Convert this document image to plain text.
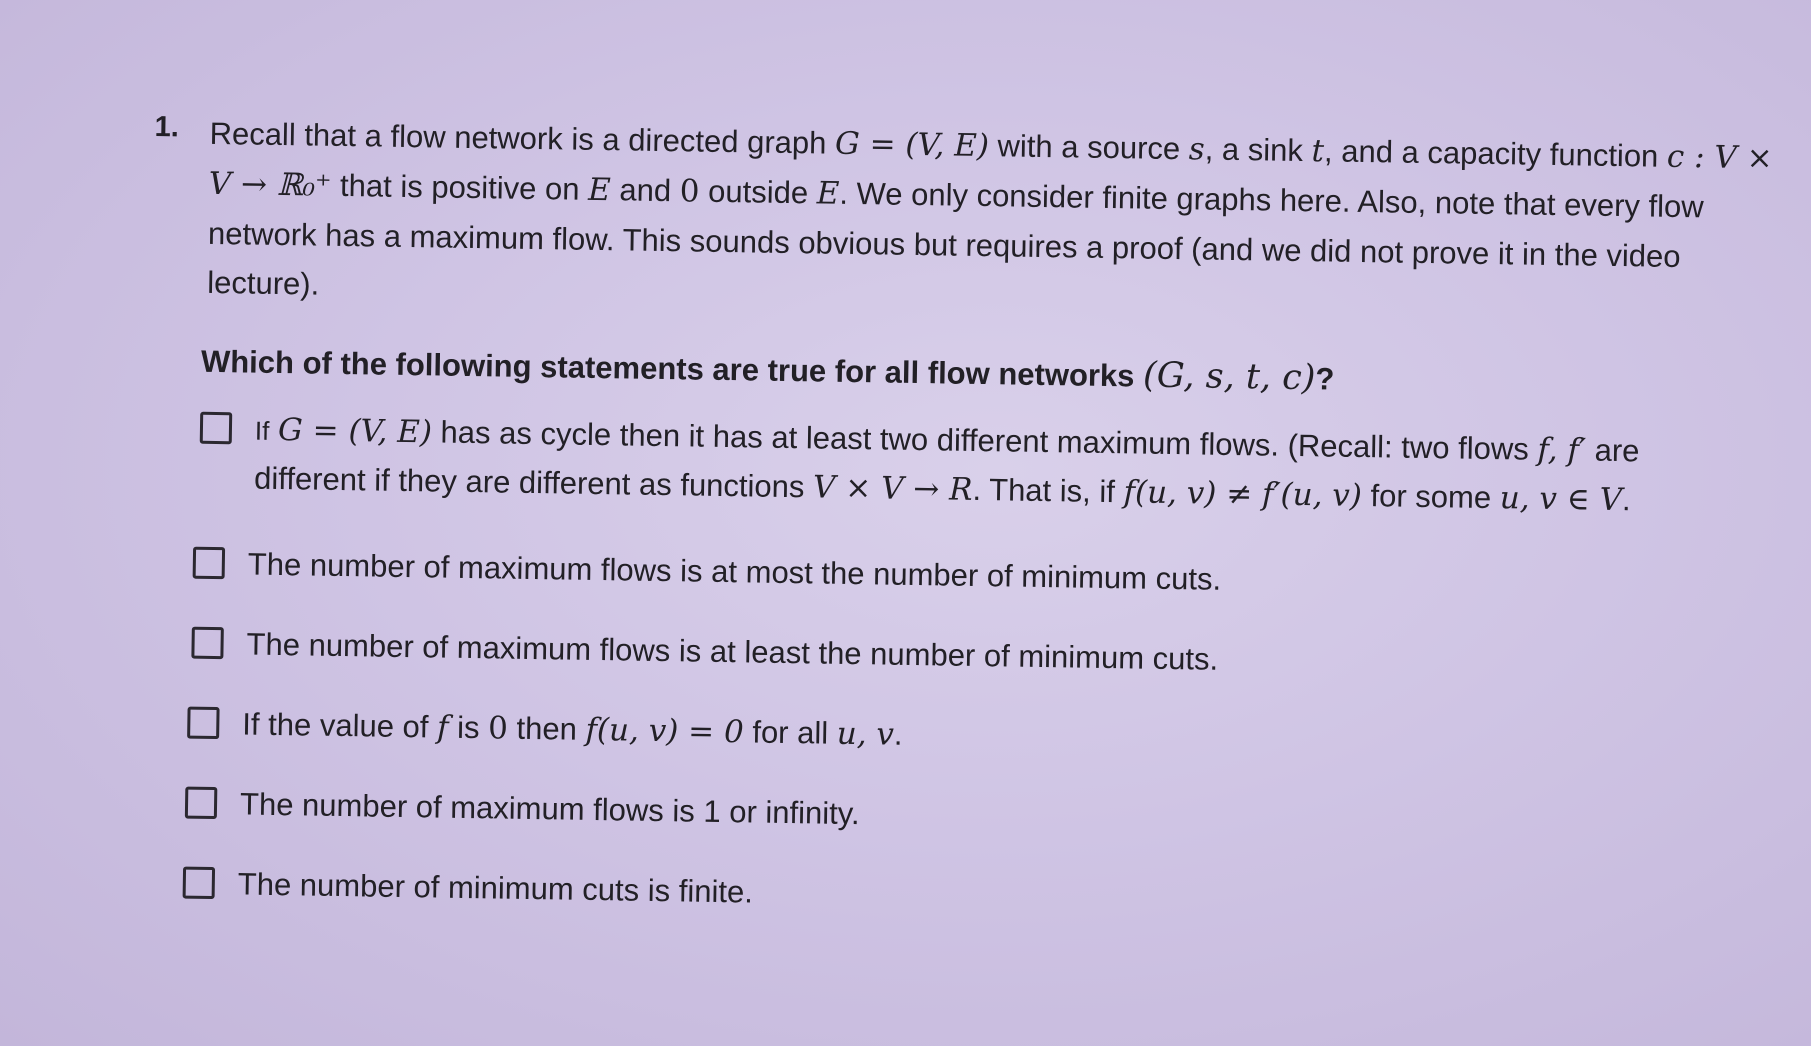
1. Recall that a flow network is a directed graph G = (V, E) with a source s, a sink t, and a capacity function c : V × V → ℝ₀⁺ that is positive on E and 0 outside E. We only consider finite graphs here. Also, note that every flow network has a maximum flow. This sounds obvious but requires a proof (and we did not prove it in the video lecture).
Which of the following statements are true for all flow networks (G, s, t, c)?
If G = (V, E) has as cycle then it has at least two different maximum flows. (Recall: two flows f, f′ are different if they are different as functions V × V → R. That is, if f(u, v) ≠ f′(u, v) for some u, v ∈ V.
The number of maximum flows is at most the number of minimum cuts.
The number of maximum flows is at least the number of minimum cuts.
If the value of f is 0 then f(u, v) = 0 for all u, v.
The number of maximum flows is 1 or infinity.
The number of minimum cuts is finite.
